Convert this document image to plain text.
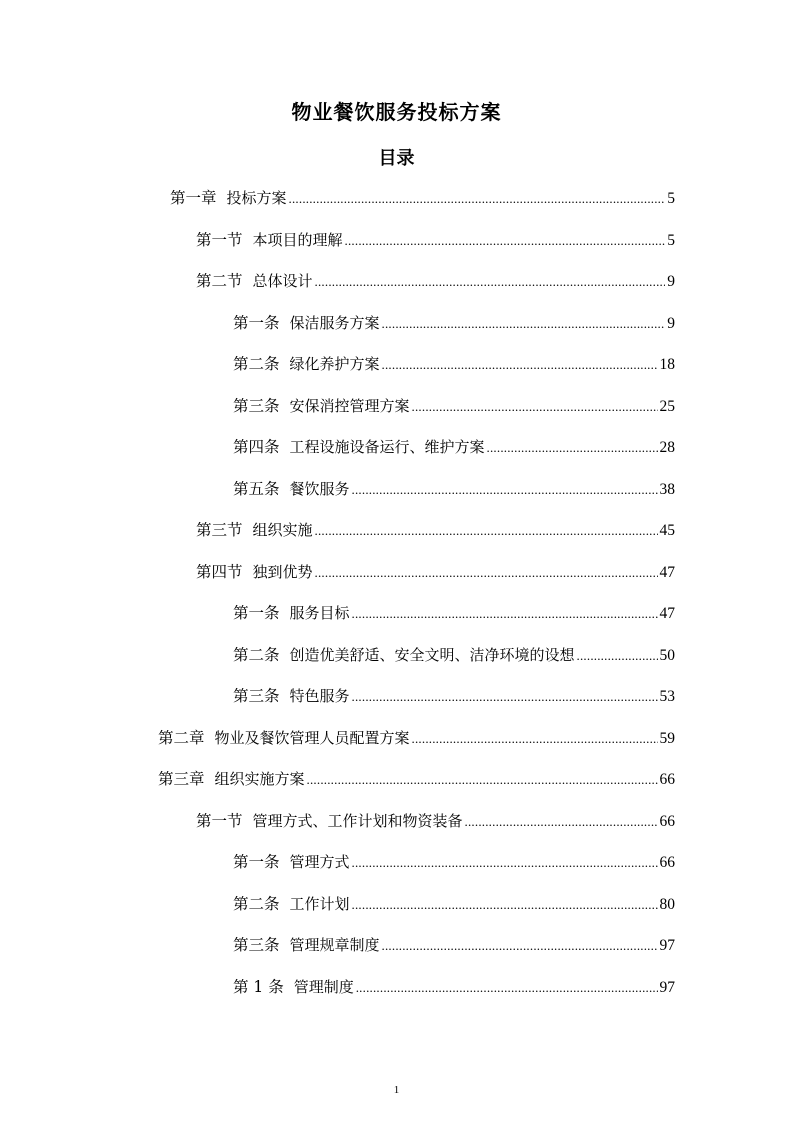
物业餐饮服务投标方案
目录
第一章 投标方案 .....	5
第一节 本项目的理解 .....	5
第二节 总体设计 .....	9
第一条 保洁服务方案 .....	9
第二条 绿化养护方案 .....	18
第三条 安保消控管理方案 .....	25
第四条 工程设施设备运行、维护方案 .....	28
第五条 餐饮服务 .....	38
第三节 组织实施 .....	45
第四节 独到优势 .....	47
第一条 服务目标 .....	47
第二条 创造优美舒适、安全文明、洁净环境的设想 .....	50
第三条 特色服务 .....	53
第二章 物业及餐饮管理人员配置方案 .....	59
第三章 组织实施方案 .....	66
第一节 管理方式、工作计划和物资装备 .....	66
第一条 管理方式 .....	66
第二条 工作计划 .....	80
第三条 管理规章制度 .....	97
第 1 条 管理制度 .....	97
1
